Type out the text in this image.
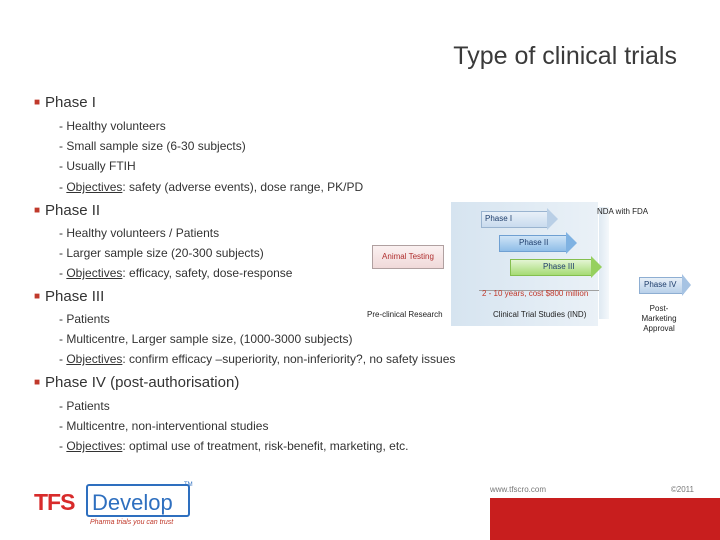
Type of clinical trials
■ Phase I
- Healthy volunteers
- Small sample size (6-30 subjects)
- Usually FTIH
- Objectives: safety (adverse events), dose range, PK/PD
■ Phase II
- Healthy volunteers / Patients
- Larger sample size (20-300 subjects)
- Objectives: efficacy, safety, dose-response
■ Phase III
- Patients
- Multicentre, Larger sample size, (1000-3000 subjects)
- Objectives: confirm efficacy –superiority, non-inferiority?, no safety issues
■ Phase IV (post-authorisation)
- Patients
- Multicentre, non-interventional studies
- Objectives: optimal use of treatment, risk-benefit, marketing, etc.
Animal Testing
Phase I
Phase II
Phase III
Phase IV
NDA with FDA
2 - 10 years, cost $800 million
Pre-clinical Research	Clinical Trial Studies (IND)
Post-Marketing Approval
TFS Develop
TM
Pharma trials you can trust
www.tfscro.com	©2011
